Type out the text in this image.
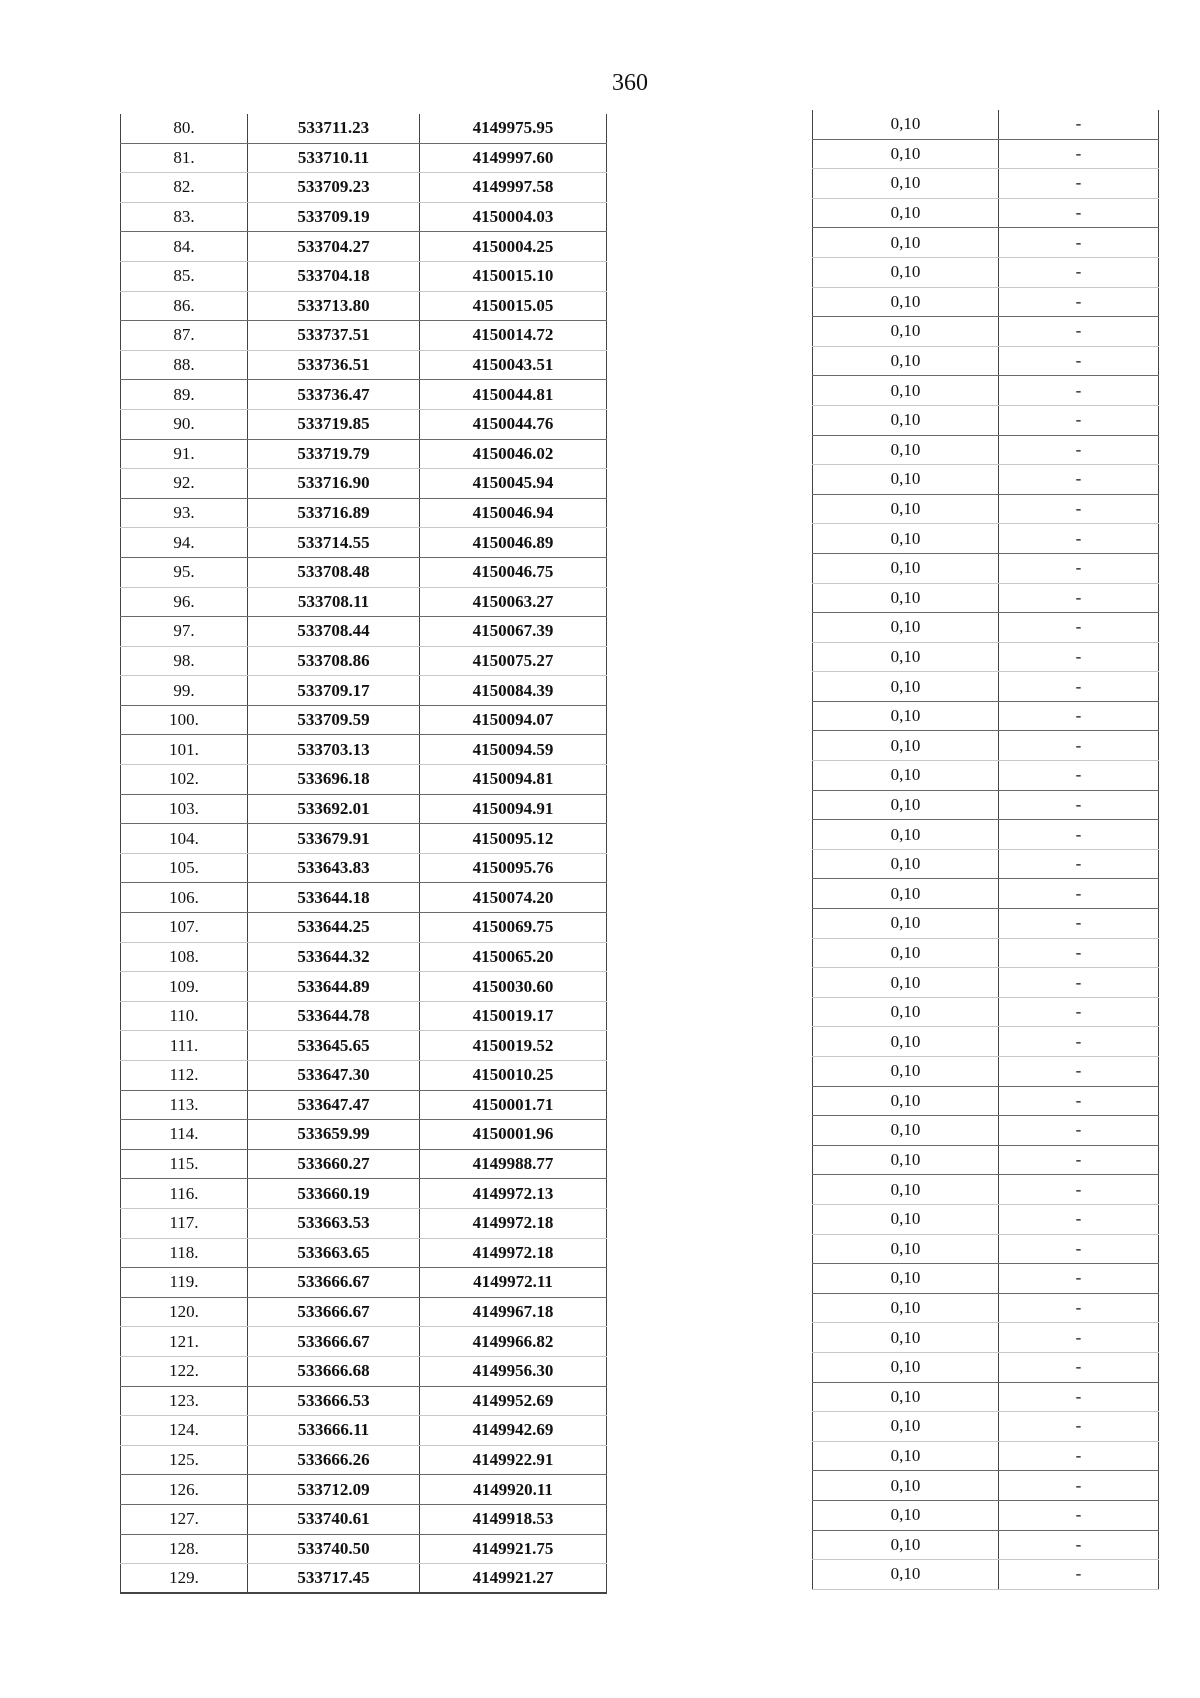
360
80.	533711.23	4149975.95
81.	533710.11	4149997.60
82.	533709.23	4149997.58
83.	533709.19	4150004.03
84.	533704.27	4150004.25
85.	533704.18	4150015.10
86.	533713.80	4150015.05
87.	533737.51	4150014.72
88.	533736.51	4150043.51
89.	533736.47	4150044.81
90.	533719.85	4150044.76
91.	533719.79	4150046.02
92.	533716.90	4150045.94
93.	533716.89	4150046.94
94.	533714.55	4150046.89
95.	533708.48	4150046.75
96.	533708.11	4150063.27
97.	533708.44	4150067.39
98.	533708.86	4150075.27
99.	533709.17	4150084.39
100.	533709.59	4150094.07
101.	533703.13	4150094.59
102.	533696.18	4150094.81
103.	533692.01	4150094.91
104.	533679.91	4150095.12
105.	533643.83	4150095.76
106.	533644.18	4150074.20
107.	533644.25	4150069.75
108.	533644.32	4150065.20
109.	533644.89	4150030.60
110.	533644.78	4150019.17
111.	533645.65	4150019.52
112.	533647.30	4150010.25
113.	533647.47	4150001.71
114.	533659.99	4150001.96
115.	533660.27	4149988.77
116.	533660.19	4149972.13
117.	533663.53	4149972.18
118.	533663.65	4149972.18
119.	533666.67	4149972.11
120.	533666.67	4149967.18
121.	533666.67	4149966.82
122.	533666.68	4149956.30
123.	533666.53	4149952.69
124.	533666.11	4149942.69
125.	533666.26	4149922.91
126.	533712.09	4149920.11
127.	533740.61	4149918.53
128.	533740.50	4149921.75
129.	533717.45	4149921.27
0,10	-
0,10	-
0,10	-
0,10	-
0,10	-
0,10	-
0,10	-
0,10	-
0,10	-
0,10	-
0,10	-
0,10	-
0,10	-
0,10	-
0,10	-
0,10	-
0,10	-
0,10	-
0,10	-
0,10	-
0,10	-
0,10	-
0,10	-
0,10	-
0,10	-
0,10	-
0,10	-
0,10	-
0,10	-
0,10	-
0,10	-
0,10	-
0,10	-
0,10	-
0,10	-
0,10	-
0,10	-
0,10	-
0,10	-
0,10	-
0,10	-
0,10	-
0,10	-
0,10	-
0,10	-
0,10	-
0,10	-
0,10	-
0,10	-
0,10	-
